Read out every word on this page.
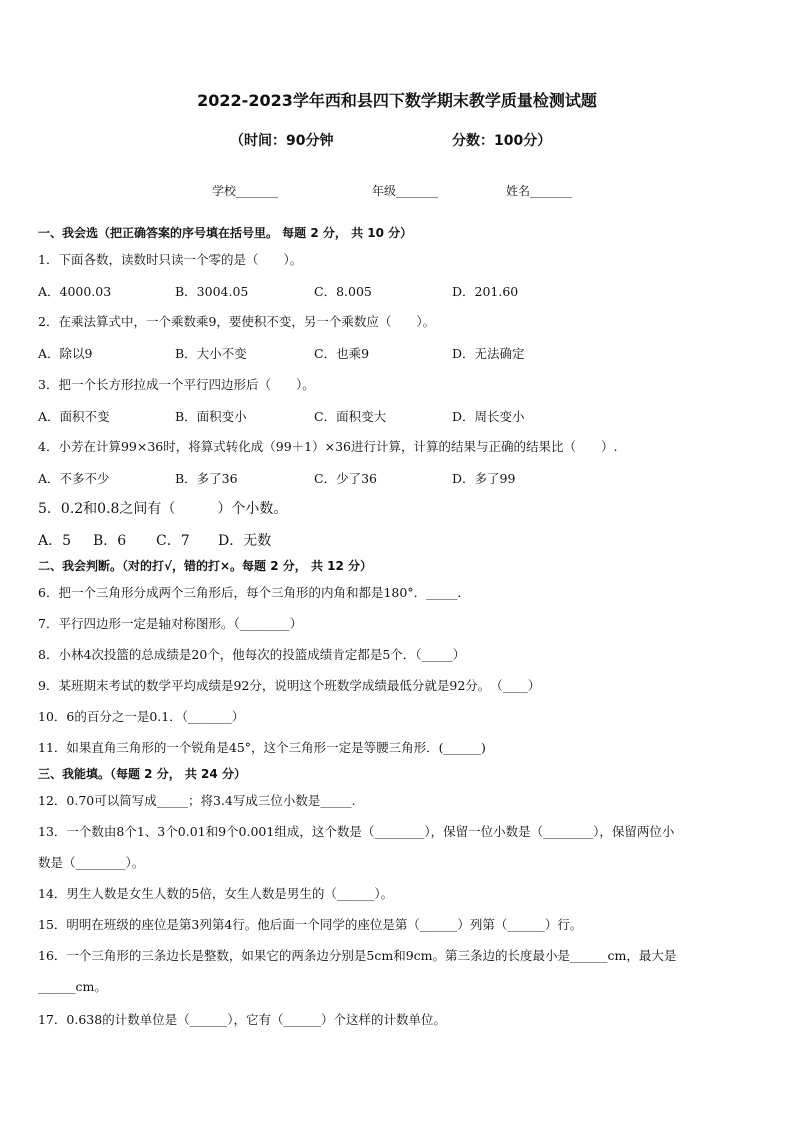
2022-2023学年西和县四下数学期末教学质量检测试题
（时间：90分钟	分数：100分）
学校_______	年级_______	姓名_______
一、我会选（把正确答案的序号填在括号里。 每题 2 分， 共 10 分）
1．下面各数，读数时只读一个零的是（　　）。
A．4000.03	B．3004.05	C．8.005	D．201.60
2．在乘法算式中，一个乘数乘9，要使积不变，另一个乘数应（　　）。
A．除以9	B．大小不变	C．也乘9	D．无法确定
3．把一个长方形拉成一个平行四边形后（　　）。
A．面积不变	B．面积变小	C．面积变大	D．周长变小
4．小芳在计算99×36时，将算式转化成（99＋1）×36进行计算，计算的结果与正确的结果比（　　）.
A．不多不少	B．多了36	C．少了36	D．多了99
5．0.2和0.8之间有（　　　）个小数。
A．5 B．6 C．7 D．无数
二、我会判断。（对的打√，错的打×。每题 2 分， 共 12 分）
6．把一个三角形分成两个三角形后，每个三角形的内角和都是180°．_____．
7．平行四边形一定是轴对称图形。（________）
8．小林4次投篮的总成绩是20个，他每次的投篮成绩肯定都是5个．（_____）
9．某班期末考试的数学平均成绩是92分，说明这个班数学成绩最低分就是92分。　（____）
10．6的百分之一是0.1．（_______）
11．如果直角三角形的一个锐角是45°，这个三角形一定是等腰三角形．(______)
三、我能填。（每题 2 分， 共 24 分）
12．0.70可以简写成_____；将3.4写成三位小数是_____.
13．一个数由8个1、3个0.01和9个0.001组成，这个数是（________），保留一位小数是（________），保留两位小
数是（________）。
14．男生人数是女生人数的5倍，女生人数是男生的（______）。
15．明明在班级的座位是第3列第4行。他后面一个同学的座位是第（______）列第（______）行。
16．一个三角形的三条边长是整数，如果它的两条边分别是5cm和9cm。第三条边的长度最小是______cm，最大是
______cm。
17．0.638的计数单位是（______），它有（______）个这样的计数单位。
